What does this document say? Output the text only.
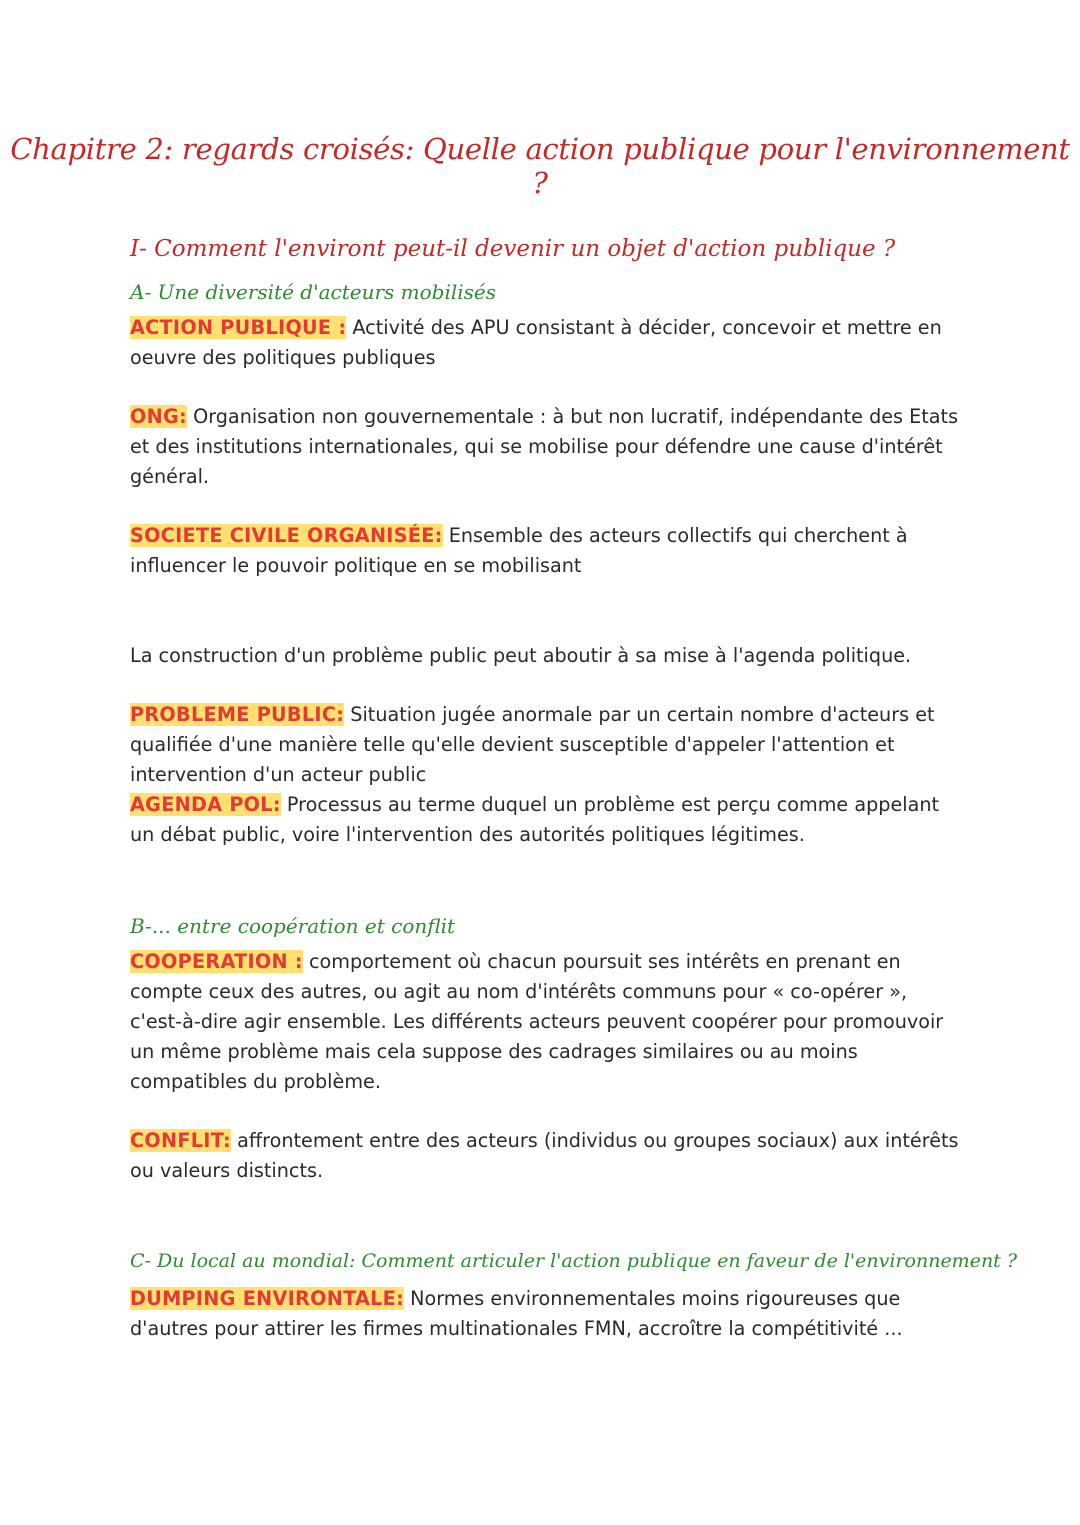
Chapitre 2: regards croisés: Quelle action publique pour l'environnement ?
I- Comment l'environt peut-il devenir un objet d'action publique ?
A- Une diversité d'acteurs mobilisés
ACTION PUBLIQUE : Activité des APU consistant à décider, concevoir et mettre en oeuvre des politiques publiques
ONG: Organisation non gouvernementale : à but non lucratif, indépendante des Etats et des institutions internationales, qui se mobilise pour défendre une cause d'intérêt général.
SOCIETE CIVILE ORGANISÉE: Ensemble des acteurs collectifs qui cherchent à influencer le pouvoir politique en se mobilisant
La construction d'un problème public peut aboutir à sa mise à l'agenda politique.
PROBLEME PUBLIC: Situation jugée anormale par un certain nombre d'acteurs et qualifiée d'une manière telle qu'elle devient susceptible d'appeler l'attention et intervention d'un acteur public
AGENDA POL: Processus au terme duquel un problème est perçu comme appelant un débat public, voire l'intervention des autorités politiques légitimes.
B-... entre coopération et conflit
COOPERATION : comportement où chacun poursuit ses intérêts en prenant en compte ceux des autres, ou agit au nom d'intérêts communs pour « co-opérer », c'est-à-dire agir ensemble. Les différents acteurs peuvent coopérer pour promouvoir un même problème mais cela suppose des cadrages similaires ou au moins compatibles du problème.
CONFLIT: affrontement entre des acteurs (individus ou groupes sociaux) aux intérêts ou valeurs distincts.
C- Du local au mondial: Comment articuler l'action publique en faveur de l'environnement ?
DUMPING ENVIRONTALE: Normes environnementales moins rigoureuses que d'autres pour attirer les firmes multinationales FMN, accroître la compétitivité ...
